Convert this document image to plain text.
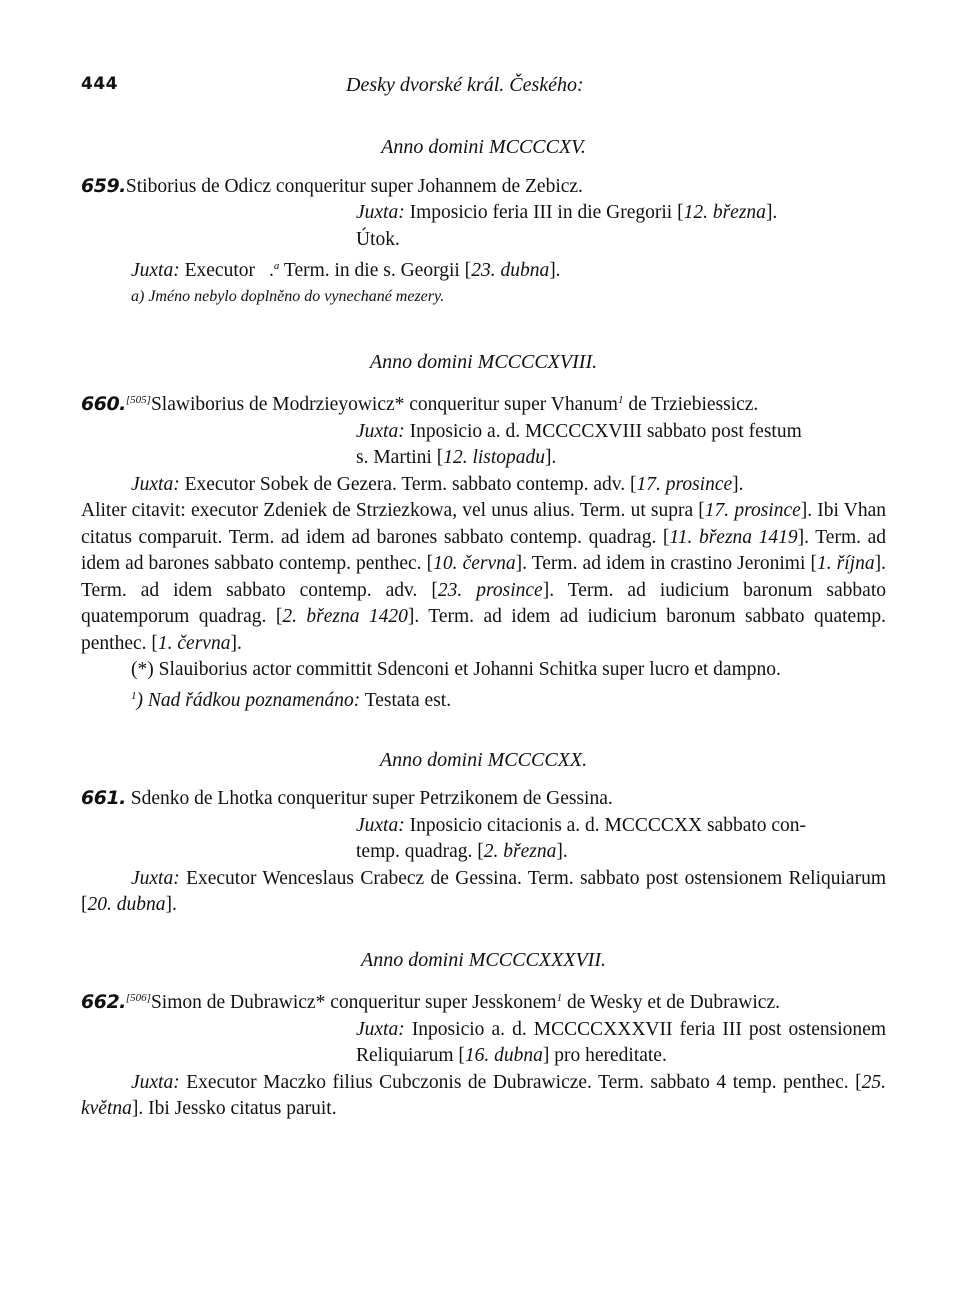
444	Desky dvorské král. Českého:

Anno domini MCCCCXV.

659.Stiborius de Odicz conqueritur super Johannem de Zebicz.

Juxta: Imposicio feria III in die Gregorii [12. března].

Útok.

Juxta: Executor .$^a$ Term. in die s. Georgii [23. dubna].

a) Jméno nebylo doplněno do vynechané mezery.

Anno domini MCCCCXVIII.

660.[505]Slawiborius de Modrzieyowicz* conqueritur super Vhanum$^1$ de Trziebiessicz.

Juxta: Inposicio a. d. MCCCCXVIII sabbato post festum

s. Martini [12. listopadu].

Juxta: Executor Sobek de Gezera. Term. sabbato contemp. adv. [17. prosince].

Aliter citavit: executor Zdeniek de Strziezkowa, vel unus alius. Term. ut supra [17. prosince]. Ibi Vhan citatus comparuit. Term. ad idem ad barones sabbato contemp. quadrag. [11. března 1419]. Term. ad idem ad barones sabbato contemp. penthec. [10. června]. Term. ad idem in crastino Jeronimi [1. října]. Term. ad idem sabbato contemp. adv. [23. prosince]. Term. ad iudicium baronum sabbato quatemporum quadrag. [2. března 1420]. Term. ad idem ad iudicium baronum sabbato quatemp. penthec. [1. června].

(*) Slauiborius actor committit Sdenconi et Johanni Schitka super lucro et dampno.

$^1$) Nad řádkou poznamenáno: Testata est.

Anno domini MCCCCXX.

661. Sdenko de Lhotka conqueritur super Petrzikonem de Gessina.

Juxta: Inposicio citacionis a. d. MCCCCXX sabbato con-

temp. quadrag. [2. března].

Juxta: Executor Wenceslaus Crabecz de Gessina. Term. sabbato post ostensionem Reliquiarum [20. dubna].

Anno domini MCCCCXXXVII.

662.[506]Simon de Dubrawicz* conqueritur super Jesskonem$^1$ de Wesky et de Dubrawicz.

Juxta: Inposicio a. d. MCCCCXXXVII feria III post ostensionem Reliquiarum [16. dubna] pro hereditate.

Juxta: Executor Maczko filius Cubczonis de Dubrawicze. Term. sabbato 4 temp. penthec. [25. května]. Ibi Jessko citatus paruit.
